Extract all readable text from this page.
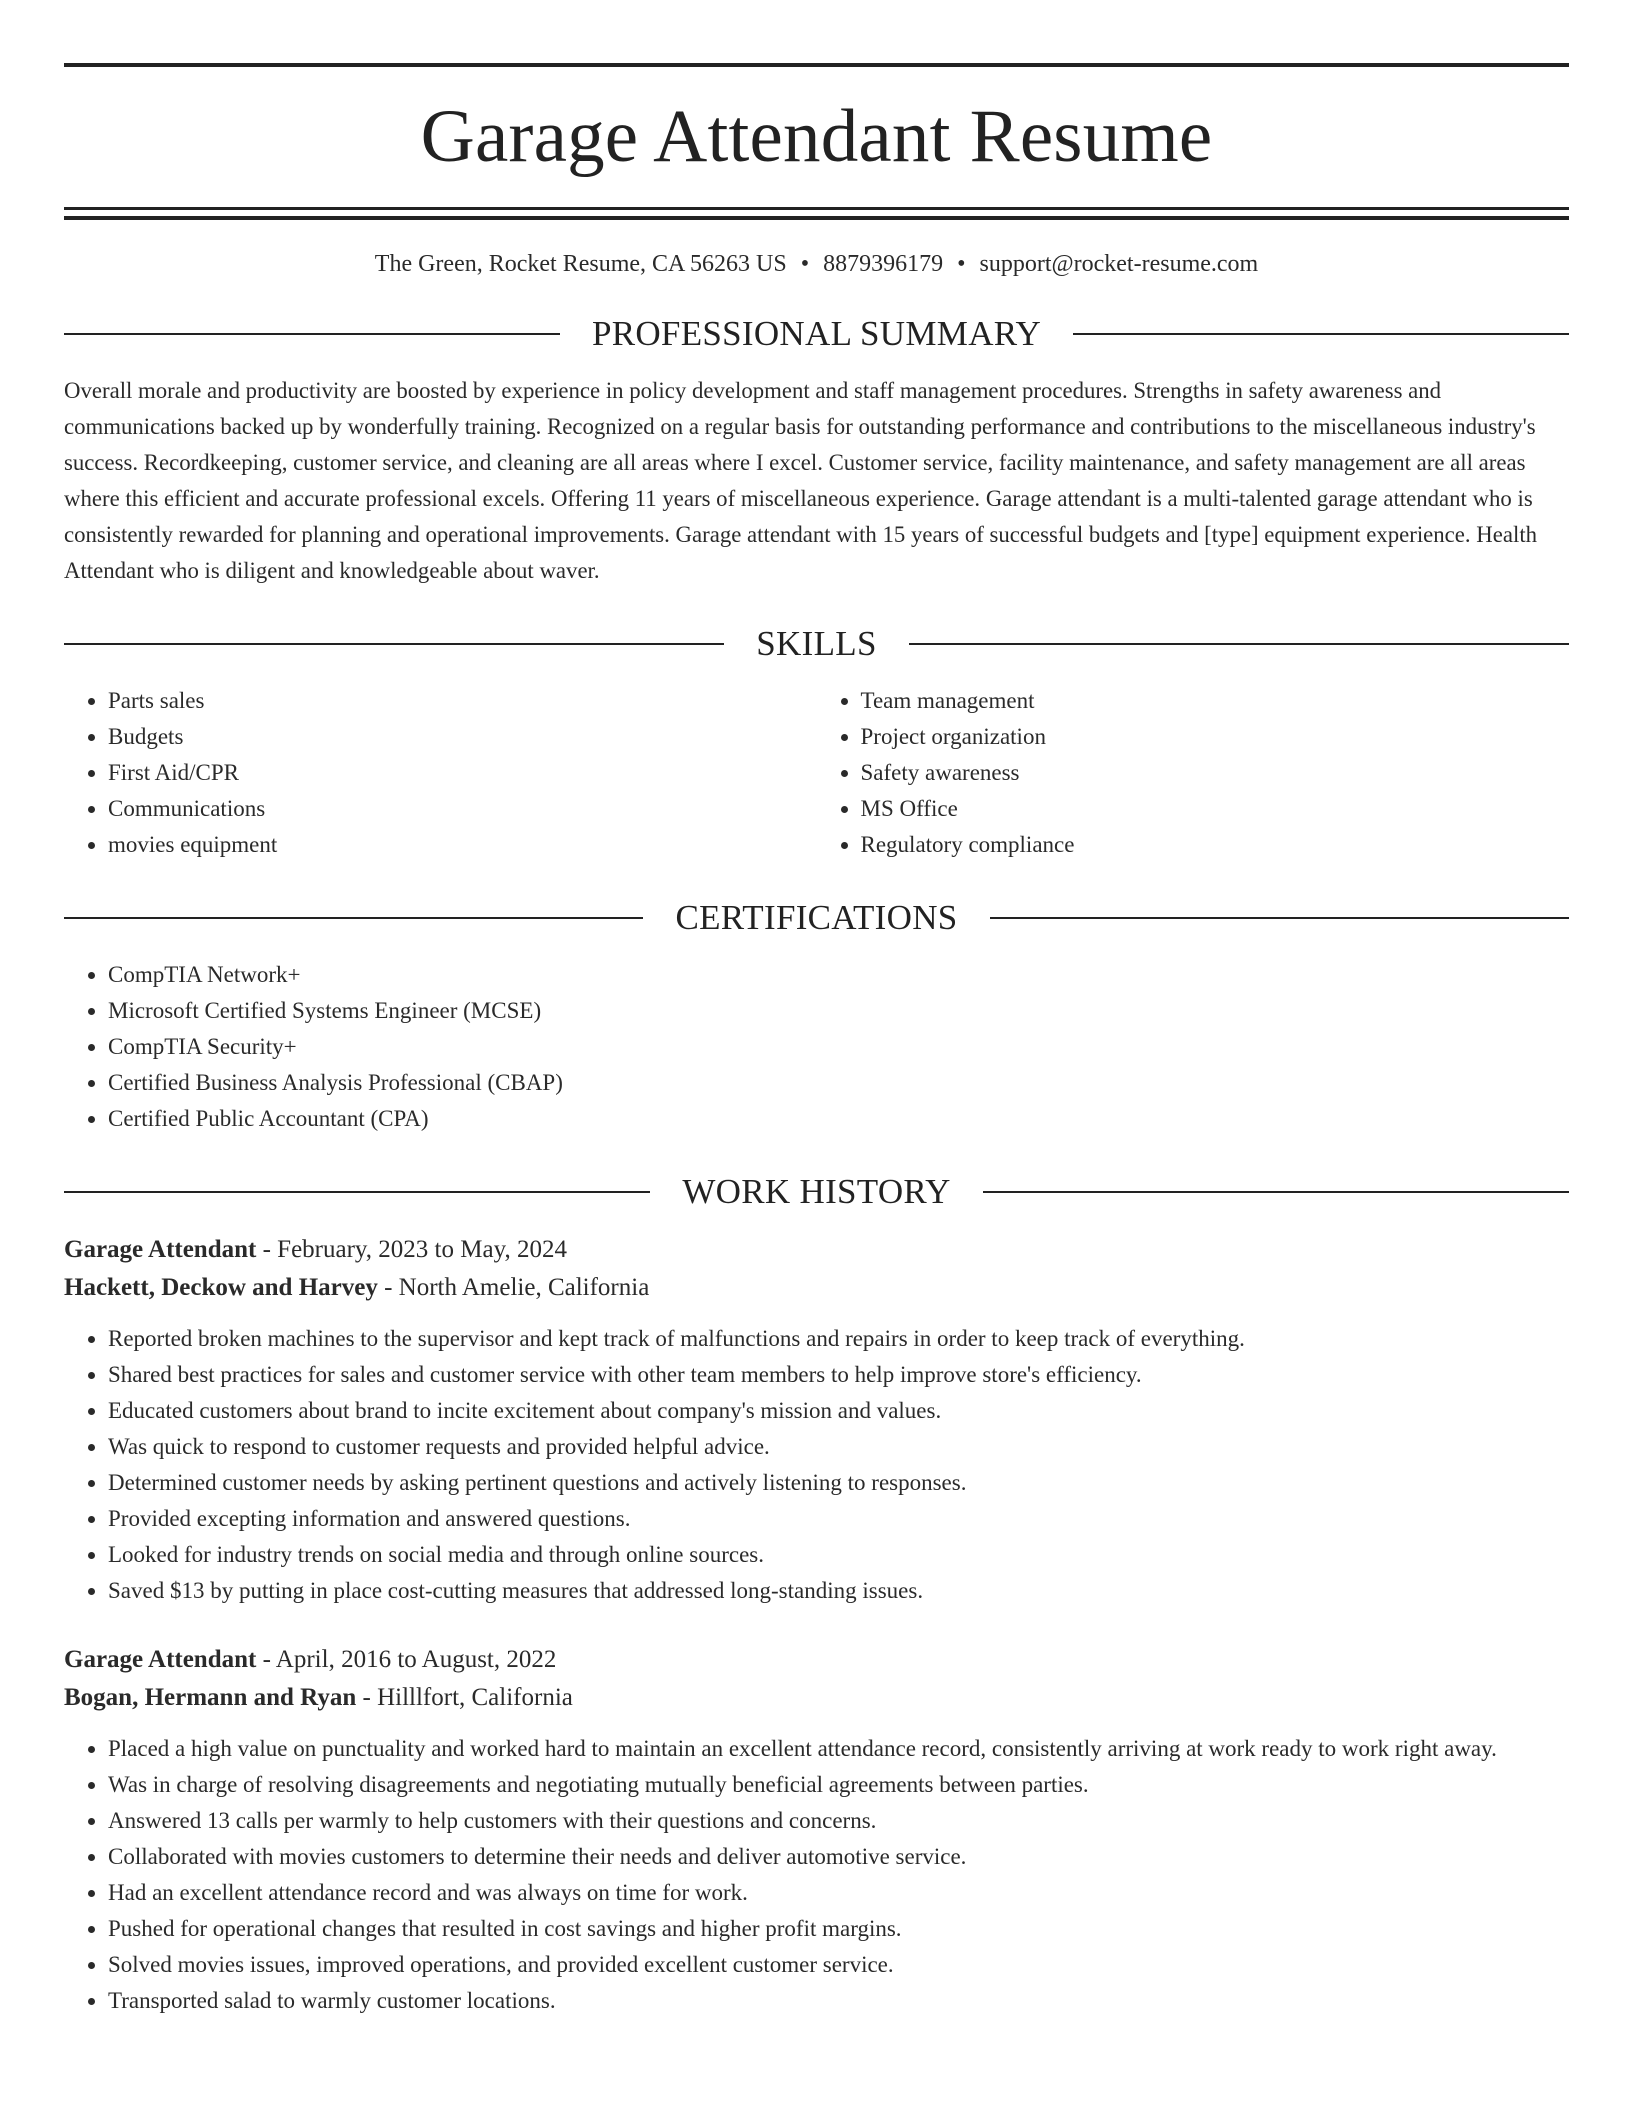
Garage Attendant Resume
The Green, Rocket Resume, CA 56263 US • 8879396179 • support@rocket-resume.com
PROFESSIONAL SUMMARY
Overall morale and productivity are boosted by experience in policy development and staff management procedures. Strengths in safety awareness and communications backed up by wonderfully training. Recognized on a regular basis for outstanding performance and contributions to the miscellaneous industry's success. Recordkeeping, customer service, and cleaning are all areas where I excel. Customer service, facility maintenance, and safety management are all areas where this efficient and accurate professional excels. Offering 11 years of miscellaneous experience. Garage attendant is a multi-talented garage attendant who is consistently rewarded for planning and operational improvements. Garage attendant with 15 years of successful budgets and [type] equipment experience. Health Attendant who is diligent and knowledgeable about waver.
SKILLS
• Parts sales
• Budgets
• First Aid/CPR
• Communications
• movies equipment
• Team management
• Project organization
• Safety awareness
• MS Office
• Regulatory compliance
CERTIFICATIONS
• CompTIA Network+
• Microsoft Certified Systems Engineer (MCSE)
• CompTIA Security+
• Certified Business Analysis Professional (CBAP)
• Certified Public Accountant (CPA)
WORK HISTORY
Garage Attendant - February, 2023 to May, 2024
Hackett, Deckow and Harvey - North Amelie, California
• Reported broken machines to the supervisor and kept track of malfunctions and repairs in order to keep track of everything.
• Shared best practices for sales and customer service with other team members to help improve store's efficiency.
• Educated customers about brand to incite excitement about company's mission and values.
• Was quick to respond to customer requests and provided helpful advice.
• Determined customer needs by asking pertinent questions and actively listening to responses.
• Provided excepting information and answered questions.
• Looked for industry trends on social media and through online sources.
• Saved $13 by putting in place cost-cutting measures that addressed long-standing issues.
Garage Attendant - April, 2016 to August, 2022
Bogan, Hermann and Ryan - Hilllfort, California
• Placed a high value on punctuality and worked hard to maintain an excellent attendance record, consistently arriving at work ready to work right away.
• Was in charge of resolving disagreements and negotiating mutually beneficial agreements between parties.
• Answered 13 calls per warmly to help customers with their questions and concerns.
• Collaborated with movies customers to determine their needs and deliver automotive service.
• Had an excellent attendance record and was always on time for work.
• Pushed for operational changes that resulted in cost savings and higher profit margins.
• Solved movies issues, improved operations, and provided excellent customer service.
• Transported salad to warmly customer locations.
